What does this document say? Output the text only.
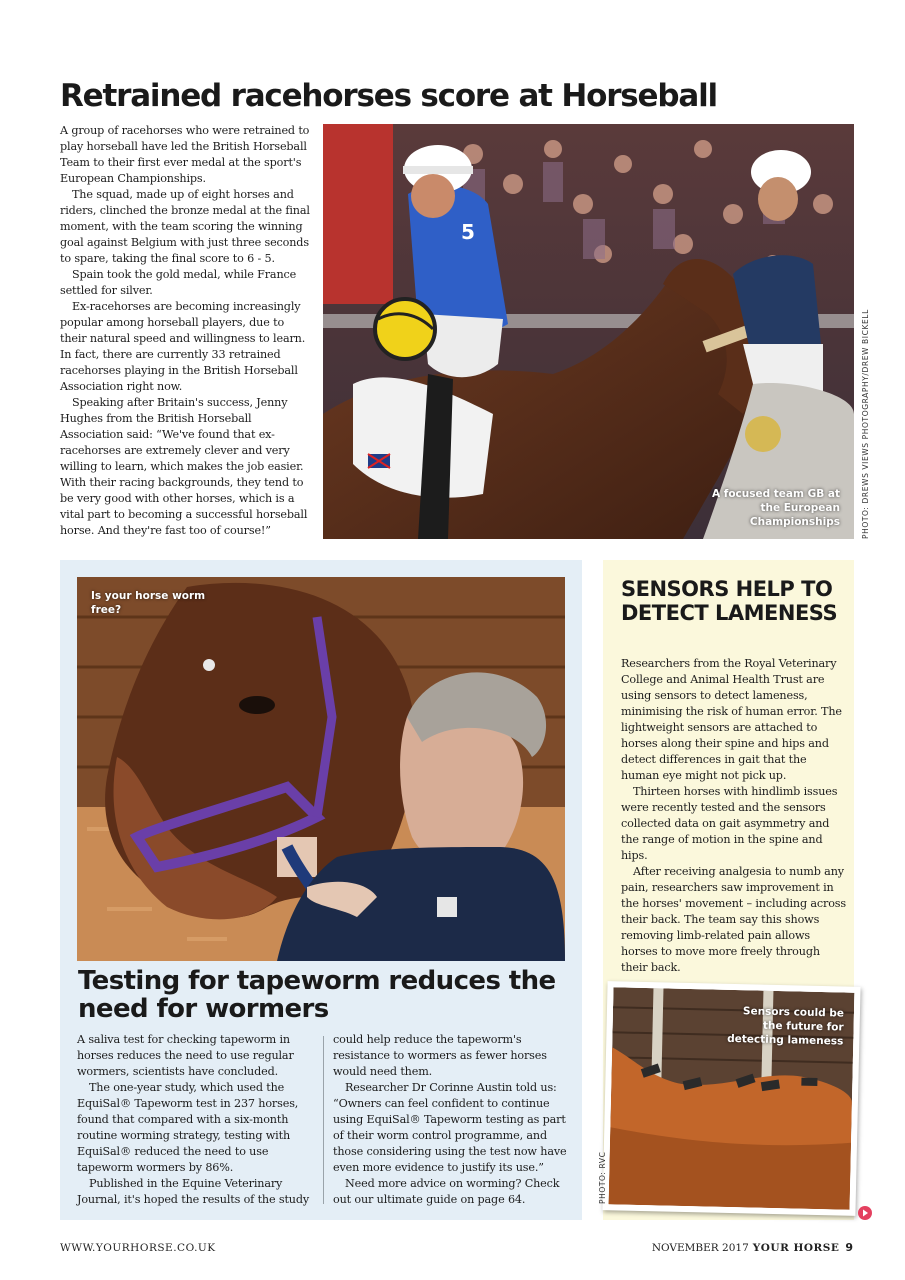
Retrained racehorses score at Horseball

A group of racehorses who were retrained to play horseball have led the British Horseball Team to their first ever medal at the sport's European Championships.

The squad, made up of eight horses and riders, clinched the bronze medal at the final moment, with the team scoring the winning goal against Belgium with just three seconds to spare, taking the final score to 6 - 5.

Spain took the gold medal, while France settled for silver.

Ex-racehorses are becoming increasingly popular among horseball players, due to their natural speed and willingness to learn. In fact, there are currently 33 retrained racehorses playing in the British Horseball Association right now.

Speaking after Britain's success, Jenny Hughes from the British Horseball Association said: “We've found that ex-racehorses are extremely clever and very willing to learn, which makes the job easier. With their racing backgrounds, they tend to be very good with other horses, which is a vital part to becoming a successful horseball horse. And they're fast too of course!”

5
A focused team GB at the European Championships	PHOTO: DREWS VIEWS PHOTOGRAPHY/DREW BICKELL
Is your horse worm free?
Testing for tapeworm reduces the need for wormers

A saliva test for checking tapeworm in horses reduces the need to use regular wormers, scientists have concluded.

The one-year study, which used the EquiSal® Tapeworm test in 237 horses, found that compared with a six-month routine worming strategy, testing with EquiSal® reduced the need to use tapeworm wormers by 86%.

Published in the Equine Veterinary Journal, it's hoped the results of the study

could help reduce the tapeworm's resistance to wormers as fewer horses would need them.

Researcher Dr Corinne Austin told us: “Owners can feel confident to continue using EquiSal® Tapeworm testing as part of their worm control programme, and those considering using the test now have even more evidence to justify its use.”

Need more advice on worming? Check out our ultimate guide on page 64.

SENSORS HELP TO DETECT LAMENESS

Researchers from the Royal Veterinary College and Animal Health Trust are using sensors to detect lameness, minimising the risk of human error. The lightweight sensors are attached to horses along their spine and hips and detect differences in gait that the human eye might not pick up.

Thirteen horses with hindlimb issues were recently tested and the sensors collected data on gait asymmetry and the range of motion in the spine and hips.

After receiving analgesia to numb any pain, researchers saw improvement in the horses' movement – including across their back. The team say this shows removing limb-related pain allows horses to move more freely through their back.

Sensors could be the future for detecting lameness
PHOTO: RVC
WWW.YOURHORSE.CO.UK	NOVEMBER 2017 YOUR HORSE 9
